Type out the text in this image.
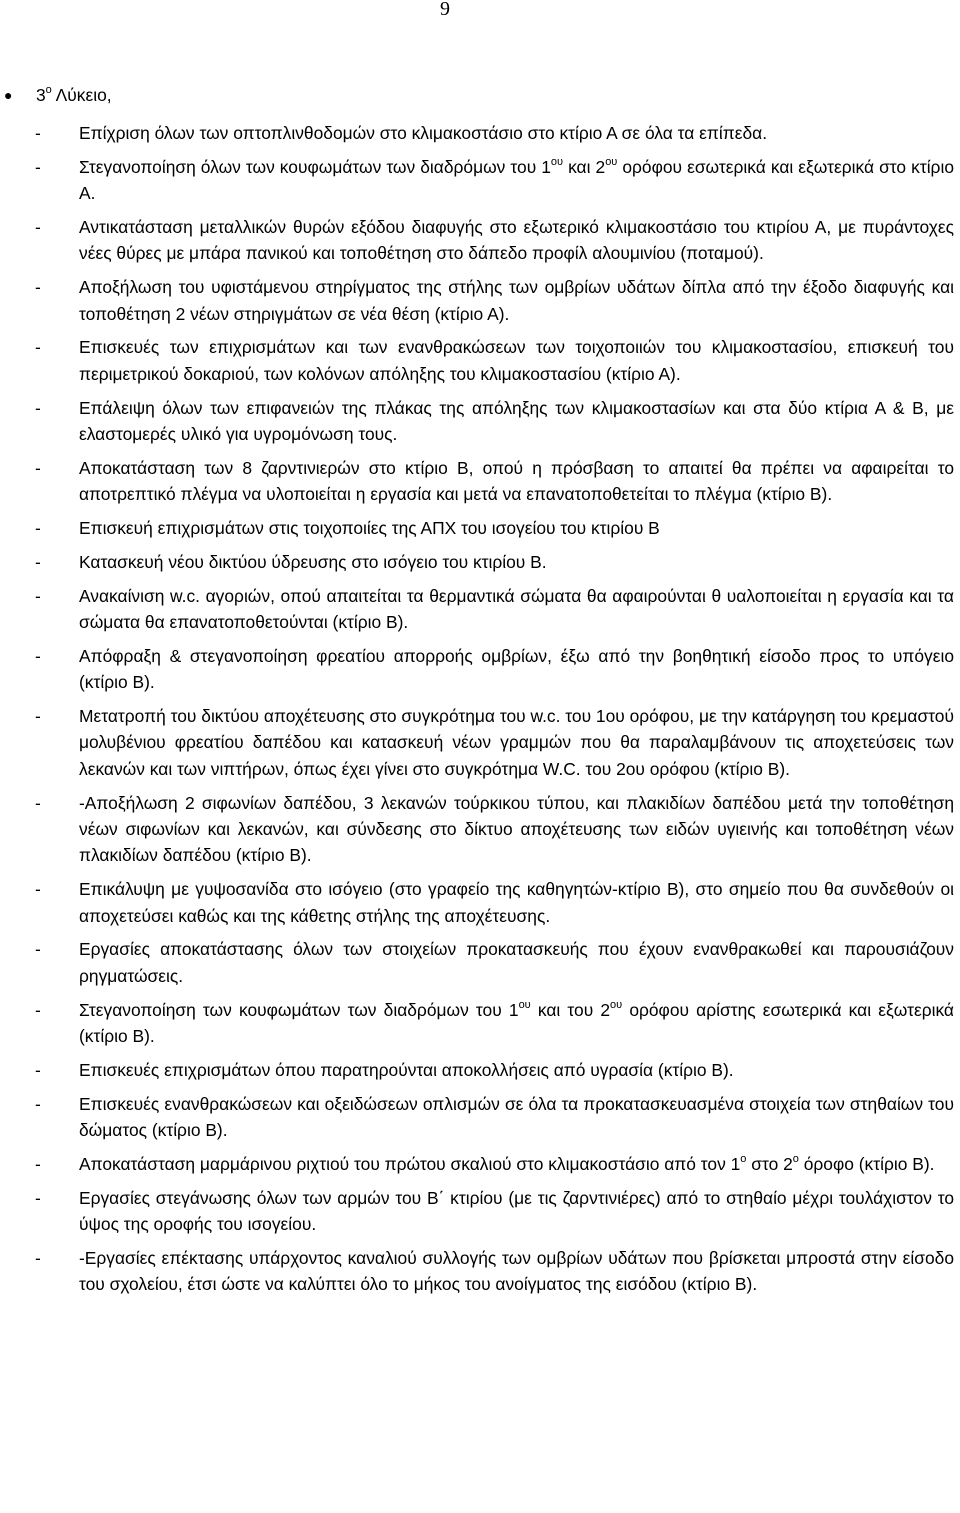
9
● $3^o$ Λύκειο,
- Επίχριση όλων των οπτοπλινθοδομών στο κλιμακοστάσιο στο κτίριο Α σε όλα τα επίπεδα.
- Στεγανοποίηση όλων των κουφωμάτων των διαδρόμων του $1^{o\upsilon}$ και $2^{o\upsilon}$ ορόφου εσωτερικά και εξωτερικά στο κτίριο Α.
- Αντικατάσταση μεταλλικών θυρών εξόδου διαφυγής στο εξωτερικό κλιμακοστάσιο του κτιρίου Α, με πυράντοχες νέες θύρες με μπάρα πανικού και τοποθέτηση στο δάπεδο προφίλ αλουμινίου (ποταμού).
- Αποξήλωση του υφιστάμενου στηρίγματος της στήλης των ομβρίων υδάτων δίπλα από την έξοδο διαφυγής και τοποθέτηση 2 νέων στηριγμάτων σε νέα θέση (κτίριο Α).
- Επισκευές των επιχρισμάτων και των ενανθρακώσεων των τοιχοποιιών του κλιμακοστασίου, επισκευή του περιμετρικού δοκαριού, των κολόνων απόληξης του κλιμακοστασίου (κτίριο Α).
- Επάλειψη όλων των επιφανειών της πλάκας της απόληξης των κλιμακοστασίων και στα δύο κτίρια Α & Β, με ελαστομερές υλικό για υγρομόνωση τους.
- Αποκατάσταση των 8 ζαρντινιερών στο κτίριο Β, οπού η πρόσβαση το απαιτεί θα πρέπει να αφαιρείται το αποτρεπτικό πλέγμα να υλοποιείται η εργασία και μετά να επανατοποθετείται το πλέγμα (κτίριο Β).
- Επισκευή επιχρισμάτων στις τοιχοποιίες της ΑΠΧ του ισογείου του κτιρίου Β
- Κατασκευή νέου δικτύου ύδρευσης στο ισόγειο του κτιρίου Β.
- Ανακαίνιση w.c. αγοριών, οπού απαιτείται τα θερμαντικά σώματα θα αφαιρούνται θ υαλοποιείται η εργασία και τα σώματα θα επανατοποθετούνται (κτίριο Β).
- Απόφραξη & στεγανοποίηση φρεατίου απορροής ομβρίων, έξω από την βοηθητική είσοδο προς το υπόγειο (κτίριο Β).
- Μετατροπή του δικτύου αποχέτευσης στο συγκρότημα του w.c. του 1ου ορόφου, με την κατάργηση του κρεμαστού μολυβένιου φρεατίου δαπέδου και κατασκευή νέων γραμμών που θα παραλαμβάνουν τις αποχετεύσεις των λεκανών και των νιπτήρων, όπως έχει γίνει στο συγκρότημα W.C. του 2ου ορόφου (κτίριο Β).
- -Αποξήλωση 2 σιφωνίων δαπέδου, 3 λεκανών τούρκικου τύπου, και πλακιδίων δαπέδου μετά την τοποθέτηση νέων σιφωνίων και λεκανών, και σύνδεσης στο δίκτυο αποχέτευσης των ειδών υγιεινής και τοποθέτηση νέων πλακιδίων δαπέδου (κτίριο Β).
- Επικάλυψη με γυψοσανίδα στο ισόγειο (στο γραφείο της καθηγητών-κτίριο Β), στο σημείο που θα συνδεθούν οι αποχετεύσει καθώς και της κάθετης στήλης της αποχέτευσης.
- Εργασίες αποκατάστασης όλων των στοιχείων προκατασκευής που έχουν ενανθρακωθεί και παρουσιάζουν ρηγματώσεις.
- Στεγανοποίηση των κουφωμάτων των διαδρόμων του $1^{o\upsilon}$ και του $2^{o\upsilon}$ ορόφου αρίστης εσωτερικά και εξωτερικά (κτίριο Β).
- Επισκευές επιχρισμάτων όπου παρατηρούνται αποκολλήσεις από υγρασία (κτίριο Β).
- Επισκευές ενανθρακώσεων και οξειδώσεων οπλισμών σε όλα τα προκατασκευασμένα στοιχεία των στηθαίων του δώματος (κτίριο Β).
- Αποκατάσταση μαρμάρινου ριχτιού του πρώτου σκαλιού στο κλιμακοστάσιο από τον $1^o$ στο $2^o$ όροφο (κτίριο Β).
- Εργασίες στεγάνωσης όλων των αρμών του Β΄ κτιρίου (με τις ζαρντινιέρες) από το στηθαίο μέχρι τουλάχιστον το ύψος της οροφής του ισογείου.
- -Εργασίες επέκτασης υπάρχοντος καναλιού συλλογής των ομβρίων υδάτων που βρίσκεται μπροστά στην είσοδο του σχολείου, έτσι ώστε να καλύπτει όλο το μήκος του ανοίγματος της εισόδου (κτίριο Β).
